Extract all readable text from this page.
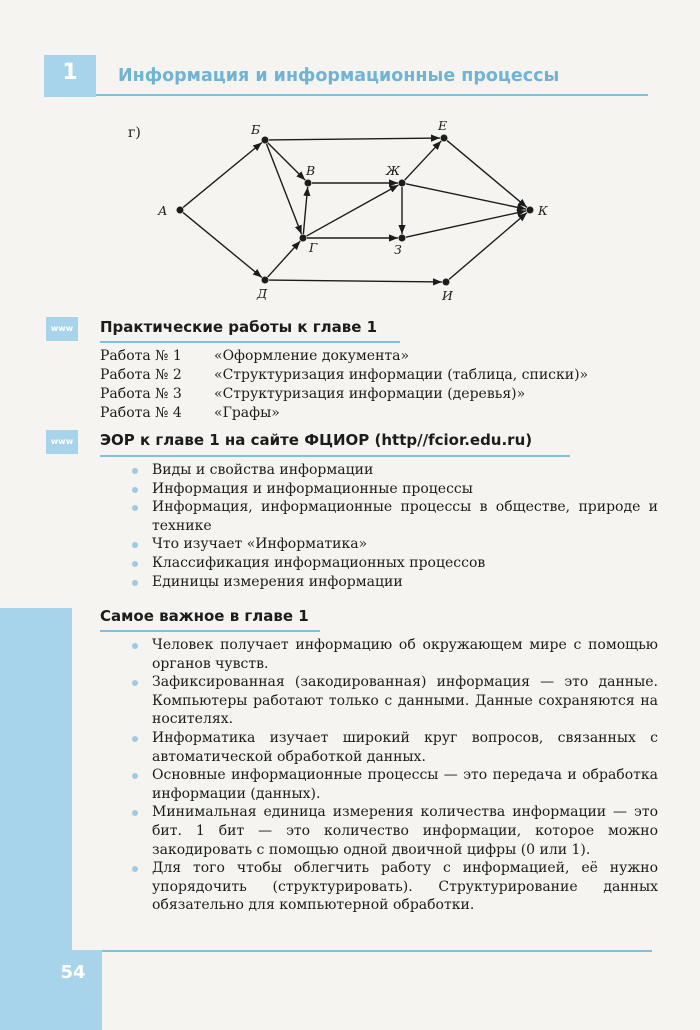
1	Информация и информационные процессы
г)
А
Б
В
Г
Д
Е
Ж
З
И
К
www	Практические работы к главе 1
Работа № 1 «Оформление документа»
Работа № 2 «Структуризация информации (таблица, списки)»
Работа № 3 «Структуризация информации (деревья)»
Работа № 4 «Графы»
www	ЭОР к главе 1 на сайте ФЦИОР (http//fcior.edu.ru)
Виды и свойства информации
Информация и информационные процессы
Информация, информационные процессы в обществе, природе и технике
Что изучает «Информатика»
Классификация информационных процессов
Единицы измерения информации
Самое важное в главе 1
Человек получает информацию об окружающем мире с помощью органов чувств.
Зафиксированная (закодированная) информация — это данные. Компьютеры работают только с данными. Данные сохраняются на носителях.
Информатика изучает широкий круг вопросов, связанных с автоматической обработкой данных.
Основные информационные процессы — это передача и обработка информации (данных).
Минимальная единица измерения количества информации — это бит. 1 бит — это количество информации, которое можно закодировать с помощью одной двоичной цифры (0 или 1).
Для того чтобы облегчить работу с информацией, её нужно упорядочить (структурировать). Структурирование данных обязательно для компьютерной обработки.
54
